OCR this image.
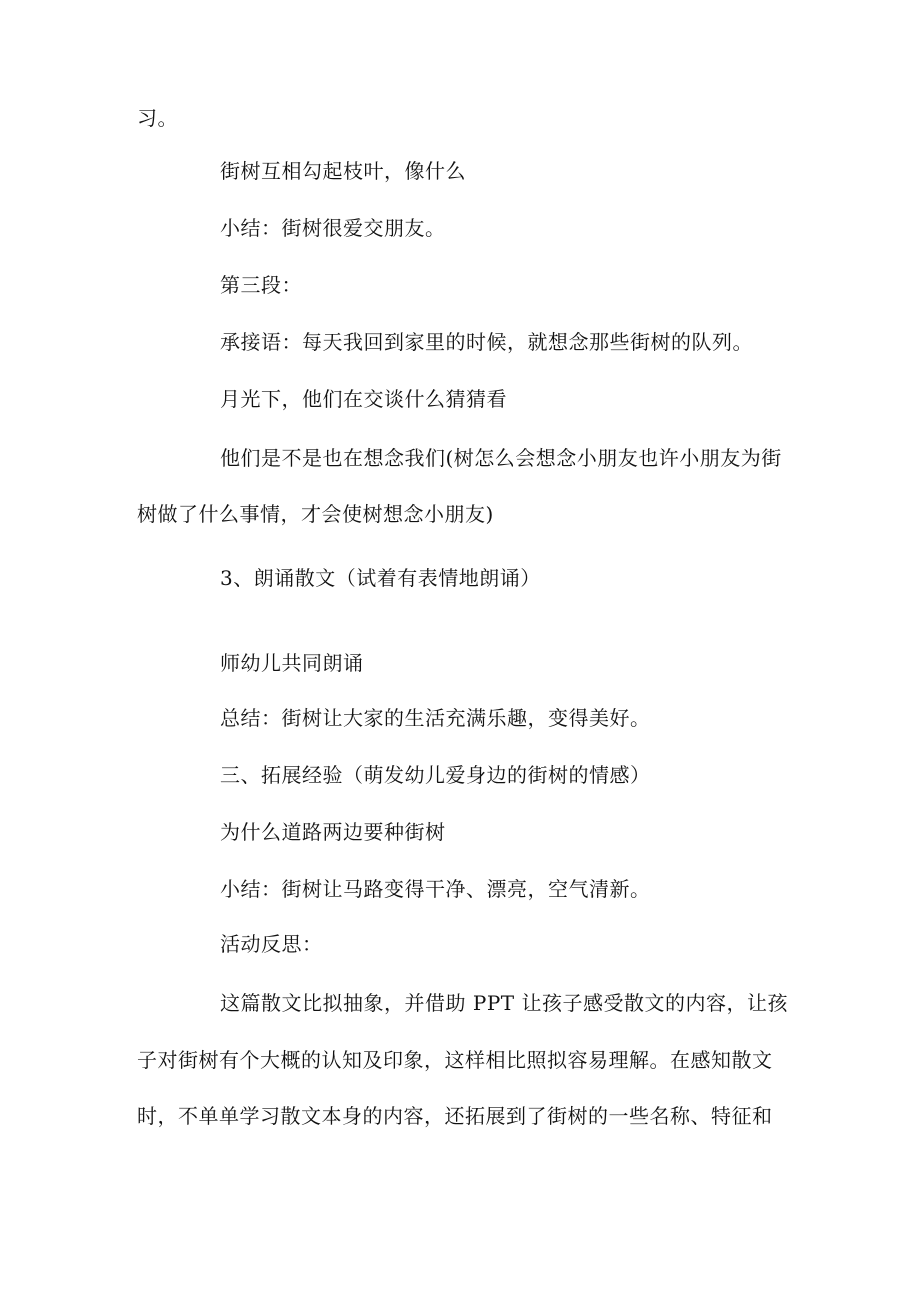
习。
街树互相勾起枝叶，像什么
小结：街树很爱交朋友。
第三段：
承接语：每天我回到家里的时候，就想念那些街树的队列。
月光下，他们在交谈什么猜猜看
他们是不是也在想念我们(树怎么会想念小朋友也许小朋友为街
树做了什么事情，才会使树想念小朋友)
3、朗诵散文（试着有表情地朗诵）
师幼儿共同朗诵
总结：街树让大家的生活充满乐趣，变得美好。
三、拓展经验（萌发幼儿爱身边的街树的情感）
为什么道路两边要种街树
小结：街树让马路变得干净、漂亮，空气清新。
活动反思：
这篇散文比拟抽象，并借助 PPT 让孩子感受散文的内容，让孩
子对街树有个大概的认知及印象，这样相比照拟容易理解。在感知散文
时，不单单学习散文本身的内容，还拓展到了街树的一些名称、特征和
